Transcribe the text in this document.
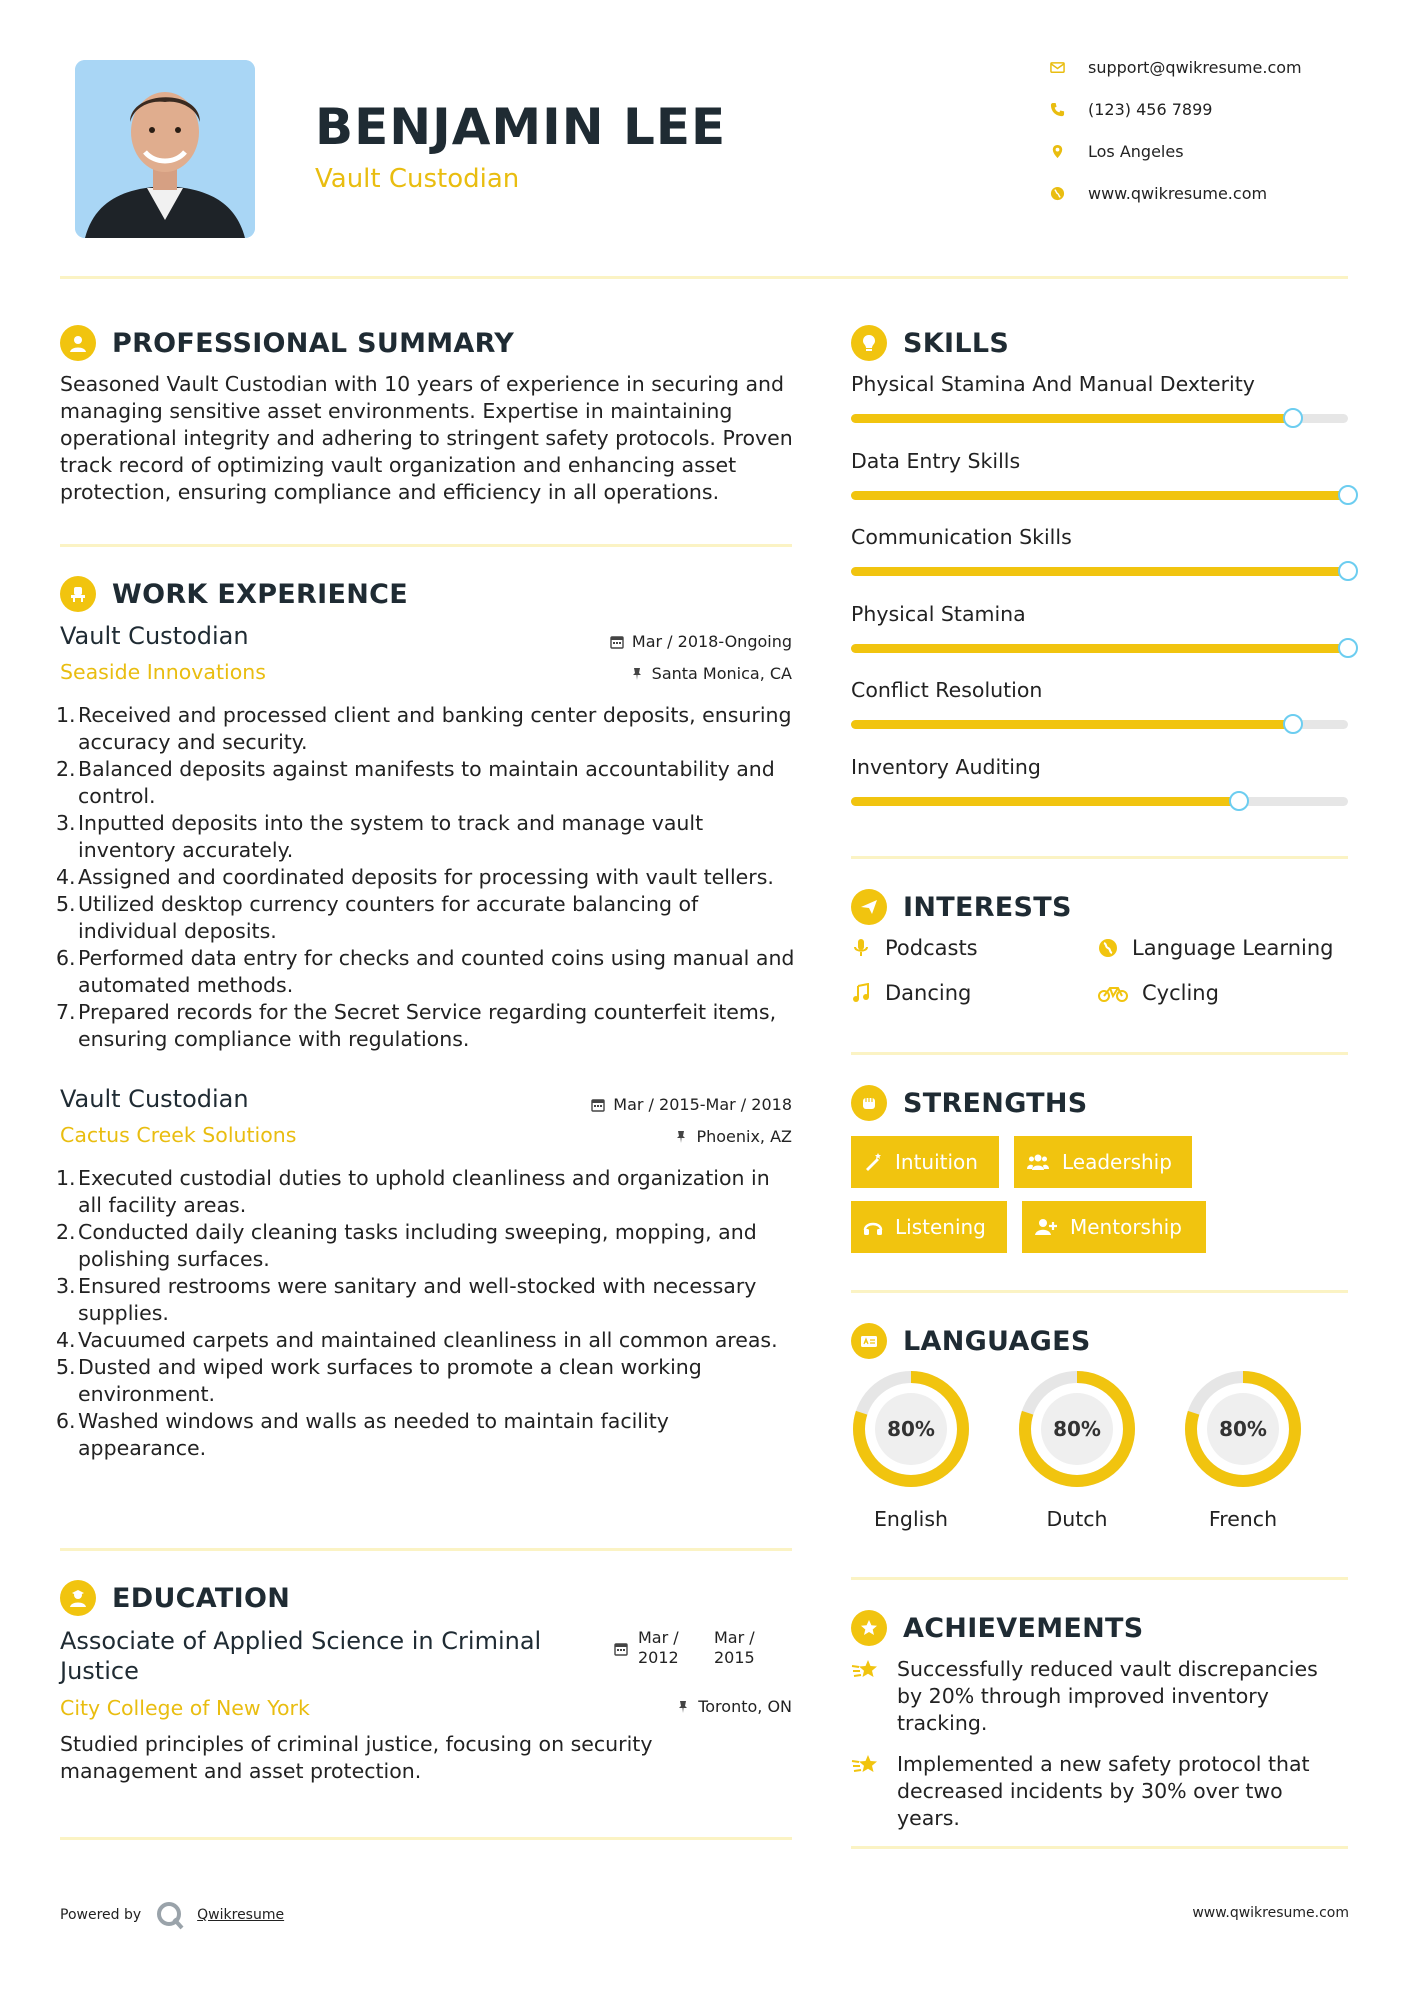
BENJAMIN LEE
Vault Custodian
support@qwikresume.com
(123) 456 7899
Los Angeles
www.qwikresume.com
PROFESSIONAL SUMMARY
Seasoned Vault Custodian with 10 years of experience in securing and managing sensitive asset environments. Expertise in maintaining operational integrity and adhering to stringent safety protocols. Proven track record of optimizing vault organization and enhancing asset protection, ensuring compliance and efficiency in all operations.
WORK EXPERIENCE
Vault Custodian
Seaside Innovations
Mar / 2018-Ongoing
Santa Monica, CA
1. Received and processed client and banking center deposits, ensuring accuracy and security.
2. Balanced deposits against manifests to maintain accountability and control.
3. Inputted deposits into the system to track and manage vault inventory accurately.
4. Assigned and coordinated deposits for processing with vault tellers.
5. Utilized desktop currency counters for accurate balancing of individual deposits.
6. Performed data entry for checks and counted coins using manual and automated methods.
7. Prepared records for the Secret Service regarding counterfeit items, ensuring compliance with regulations.
Vault Custodian
Cactus Creek Solutions
Mar / 2015-Mar / 2018
Phoenix, AZ
1. Executed custodial duties to uphold cleanliness and organization in all facility areas.
2. Conducted daily cleaning tasks including sweeping, mopping, and polishing surfaces.
3. Ensured restrooms were sanitary and well-stocked with necessary supplies.
4. Vacuumed carpets and maintained cleanliness in all common areas.
5. Dusted and wiped work surfaces to promote a clean working environment.
6. Washed windows and walls as needed to maintain facility appearance.
EDUCATION
Associate of Applied Science in Criminal Justice
City College of New York
Mar / 2012
Mar / 2015
Toronto, ON
Studied principles of criminal justice, focusing on security management and asset protection.
SKILLS
Physical Stamina And Manual Dexterity
Data Entry Skills
Communication Skills
Physical Stamina
Conflict Resolution
Inventory Auditing
INTERESTS
Podcasts	Language Learning
Dancing	Cycling
STRENGTHS
Intuition	Leadership
Listening	Mentorship
LANGUAGES
80%
English
80%
Dutch
80%
French
ACHIEVEMENTS
Successfully reduced vault discrepancies by 20% through improved inventory tracking.
Implemented a new safety protocol that decreased incidents by 30% over two years.
Powered by	Qwikresume	www.qwikresume.com
